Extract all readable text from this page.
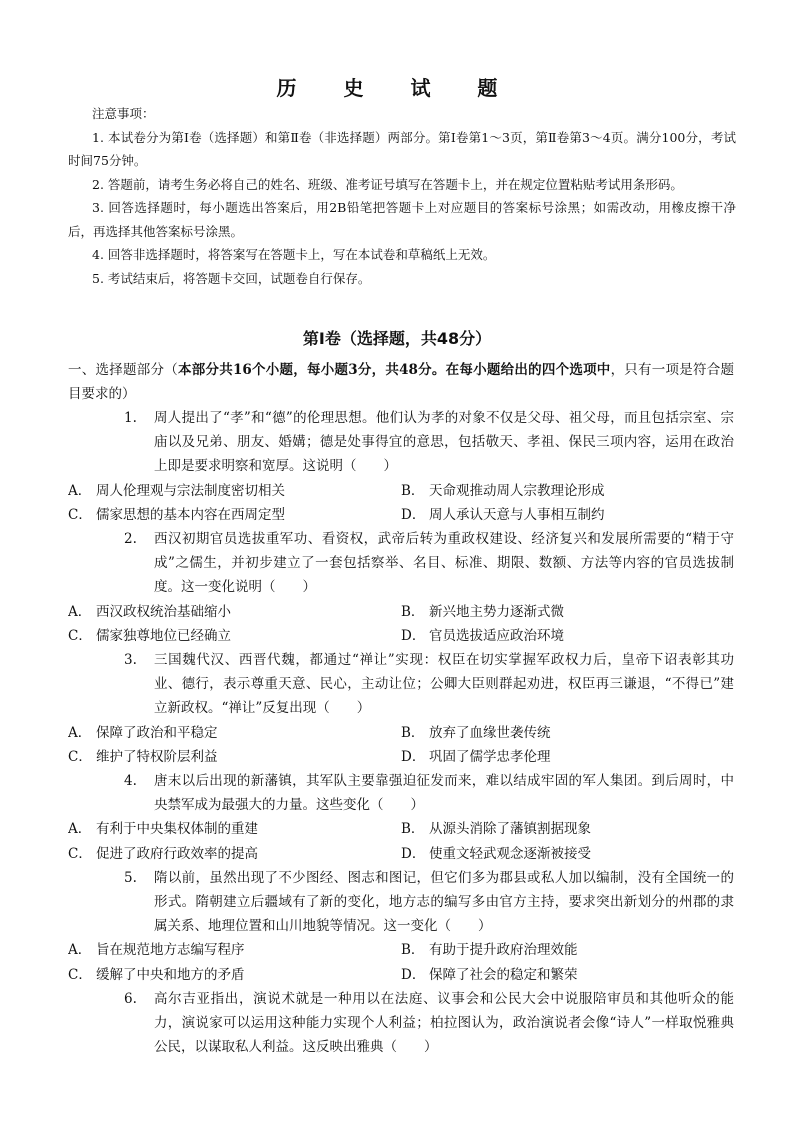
历 史 试 题

注意事项：

1. 本试卷分为第Ⅰ卷（选择题）和第Ⅱ卷（非选择题）两部分。第Ⅰ卷第1～3页，第Ⅱ卷第3～4页。满分100分，考试时间75分钟。

2. 答题前，请考生务必将自己的姓名、班级、准考证号填写在答题卡上，并在规定位置粘贴考试用条形码。

3. 回答选择题时，每小题选出答案后，用2B铅笔把答题卡上对应题目的答案标号涂黑；如需改动，用橡皮擦干净后，再选择其他答案标号涂黑。

4. 回答非选择题时，将答案写在答题卡上，写在本试卷和草稿纸上无效。

5. 考试结束后，将答题卡交回，试题卷自行保存。

第Ⅰ卷（选择题，共48分）
一、选择题部分（本部分共16个小题，每小题3分，共48分。在每小题给出的四个选项中，只有一项是符合题目要求的）
1.	周人提出了“孝”和“德”的伦理思想。他们认为孝的对象不仅是父母、祖父母，而且包括宗室、宗庙以及兄弟、朋友、婚媾；德是处事得宜的意思，包括敬天、孝祖、保民三项内容，运用在政治上即是要求明察和宽厚。这说明（　　）
A． 周人伦理观与宗法制度密切相关	B． 天命观推动周人宗教理论形成
C． 儒家思想的基本内容在西周定型	D． 周人承认天意与人事相互制约
2.	西汉初期官员选拔重军功、看资权，武帝后转为重政权建设、经济复兴和发展所需要的“精于守成”之儒生，并初步建立了一套包括察举、名目、标准、期限、数额、方法等内容的官员选拔制度。这一变化说明（　　）
A． 西汉政权统治基础缩小	B． 新兴地主势力逐渐式微
C． 儒家独尊地位已经确立	D． 官员选拔适应政治环境
3.	三国魏代汉、西晋代魏，都通过“禅让”实现：权臣在切实掌握军政权力后，皇帝下诏表彰其功业、德行，表示尊重天意、民心，主动让位；公卿大臣则群起劝进，权臣再三谦退，“不得已”建立新政权。“禅让”反复出现（　　）
A． 保障了政治和平稳定	B． 放弃了血缘世袭传统
C． 维护了特权阶层利益	D． 巩固了儒学忠孝伦理
4.	唐末以后出现的新藩镇，其军队主要靠强迫征发而来，难以结成牢固的军人集团。到后周时，中央禁军成为最强大的力量。这些变化（　　）
A． 有利于中央集权体制的重建	B． 从源头消除了藩镇割据现象
C． 促进了政府行政效率的提高	D． 使重文轻武观念逐渐被接受
5.	隋以前，虽然出现了不少图经、图志和图记，但它们多为郡县或私人加以编制，没有全国统一的形式。隋朝建立后疆域有了新的变化，地方志的编写多由官方主持，要求突出新划分的州郡的隶属关系、地理位置和山川地貌等情况。这一变化（　　）
A． 旨在规范地方志编写程序	B． 有助于提升政府治理效能
C． 缓解了中央和地方的矛盾	D． 保障了社会的稳定和繁荣
6.	高尔吉亚指出，演说术就是一种用以在法庭、议事会和公民大会中说服陪审员和其他听众的能力，演说家可以运用这种能力实现个人利益；柏拉图认为，政治演说者会像“诗人”一样取悦雅典公民，以谋取私人利益。这反映出雅典（　　）
